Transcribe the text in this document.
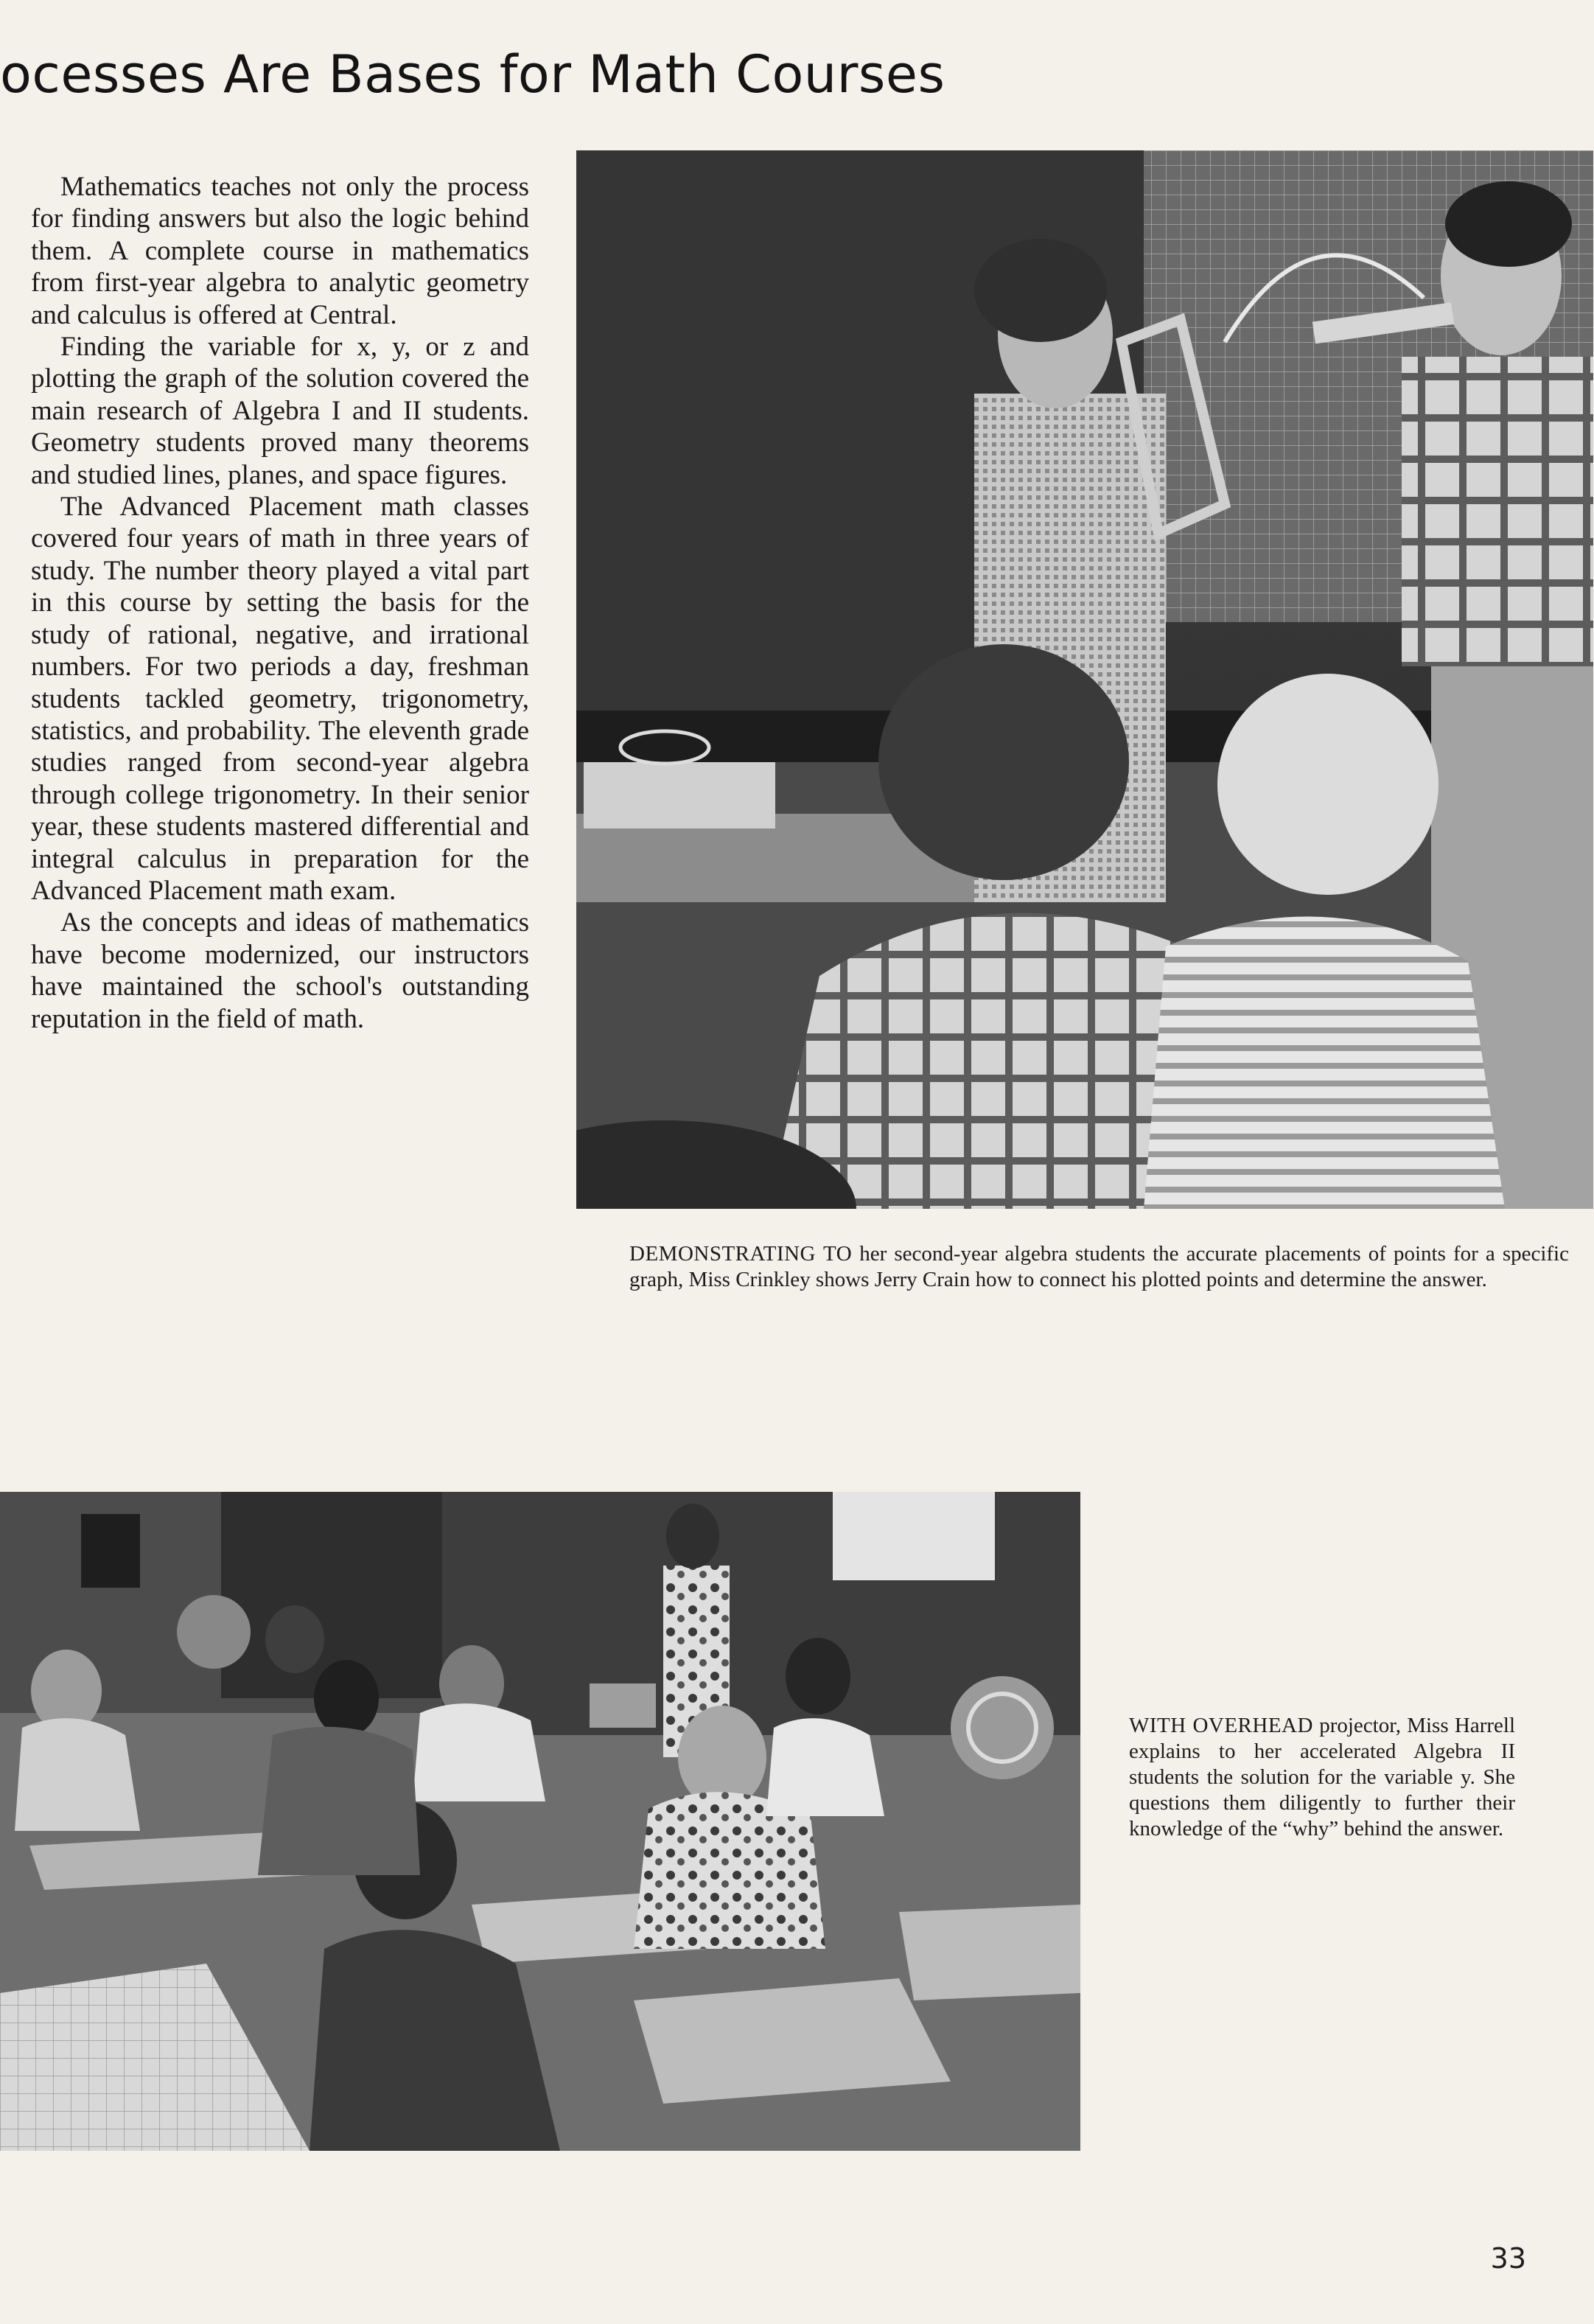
ocesses Are Bases for Math Courses

Mathematics teaches not only the process for finding answers but also the logic behind them. A complete course in mathematics from first-year algebra to analytic geometry and calculus is offered at Central.

Finding the variable for x, y, or z and plotting the graph of the solution covered the main research of Algebra I and II students. Geometry students proved many theorems and studied lines, planes, and space figures.

The Advanced Placement math classes covered four years of math in three years of study. The number theory played a vital part in this course by setting the basis for the study of rational, negative, and irrational numbers. For two periods a day, freshman students tackled geometry, trigonometry, statistics, and probability. The eleventh grade studies ranged from second-year algebra through college trigonometry. In their senior year, these students mastered differential and integral calculus in preparation for the Advanced Placement math exam.

As the concepts and ideas of mathematics have become modernized, our instructors have maintained the school's outstanding reputation in the field of math.

DEMONSTRATING TO her second-year algebra students the accurate placements of points for a specific graph, Miss Crinkley shows Jerry Crain how to connect his plotted points and determine the answer.
WITH OVERHEAD projector, Miss Harrell explains to her accelerated Algebra II students the solution for the variable y. She questions them diligently to further their knowledge of the “why” behind the answer.
33
